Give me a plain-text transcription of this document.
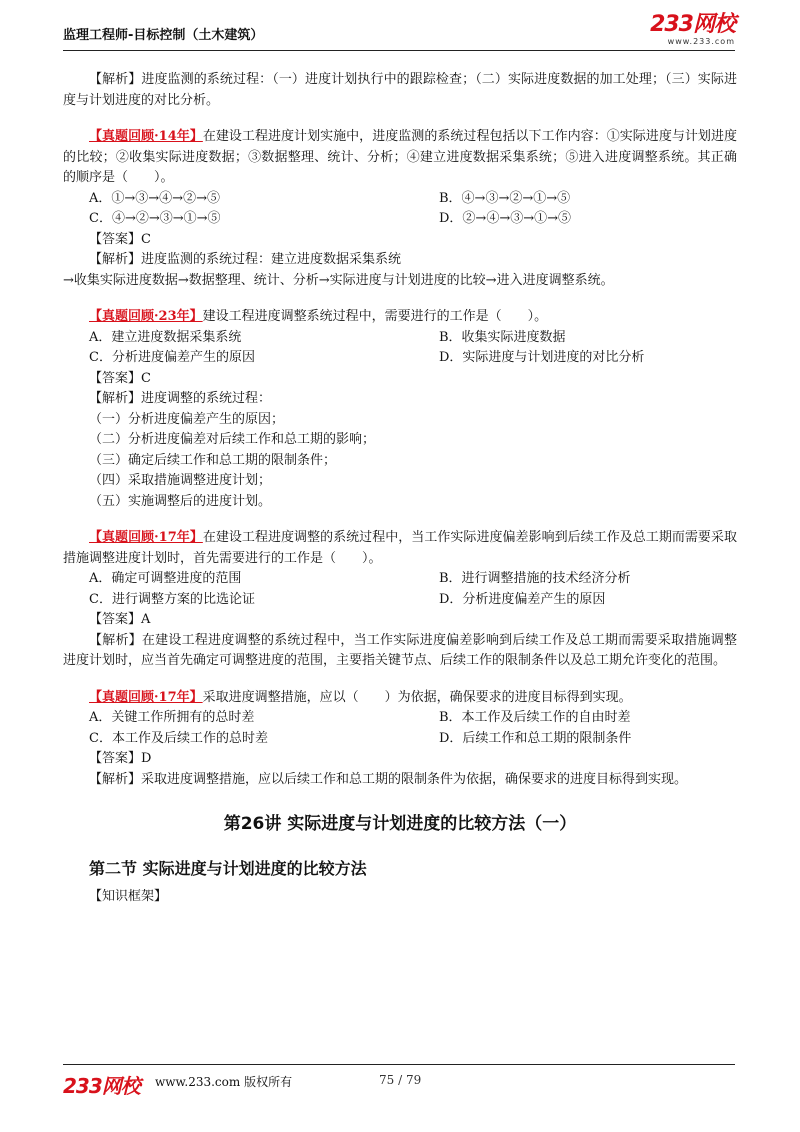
监理工程师-目标控制（土木建筑）	233网校
www.233.com

【解析】进度监测的系统过程：（一）进度计划执行中的跟踪检查；（二）实际进度数据的加工处理；（三）实际进度与计划进度的对比分析。

【真题回顾·14年】在建设工程进度计划实施中，进度监测的系统过程包括以下工作内容：①实际进度与计划进度的比较；②收集实际进度数据；③数据整理、统计、分析；④建立进度数据采集系统；⑤进入进度调整系统。其正确的顺序是（　　）。

A．①→③→④→②→⑤	B．④→③→②→①→⑤
C．④→②→③→①→⑤	D．②→④→③→①→⑤

【答案】C

【解析】进度监测的系统过程：建立进度数据采集系统

→收集实际进度数据→数据整理、统计、分析→实际进度与计划进度的比较→进入进度调整系统。

【真题回顾·23年】建设工程进度调整系统过程中，需要进行的工作是（　　）。

A．建立进度数据采集系统	B．收集实际进度数据
C．分析进度偏差产生的原因	D．实际进度与计划进度的对比分析

【答案】C

【解析】进度调整的系统过程：

（一）分析进度偏差产生的原因；

（二）分析进度偏差对后续工作和总工期的影响；

（三）确定后续工作和总工期的限制条件；

（四）采取措施调整进度计划；

（五）实施调整后的进度计划。

【真题回顾·17年】在建设工程进度调整的系统过程中，当工作实际进度偏差影响到后续工作及总工期而需要采取措施调整进度计划时，首先需要进行的工作是（　　）。

A．确定可调整进度的范围	B．进行调整措施的技术经济分析
C．进行调整方案的比选论证	D．分析进度偏差产生的原因

【答案】A

【解析】在建设工程进度调整的系统过程中，当工作实际进度偏差影响到后续工作及总工期而需要采取措施调整进度计划时，应当首先确定可调整进度的范围，主要指关键节点、后续工作的限制条件以及总工期允许变化的范围。

【真题回顾·17年】采取进度调整措施，应以（　　）为依据，确保要求的进度目标得到实现。

A．关键工作所拥有的总时差	B．本工作及后续工作的自由时差
C．本工作及后续工作的总时差	D．后续工作和总工期的限制条件

【答案】D

【解析】采取进度调整措施，应以后续工作和总工期的限制条件为依据，确保要求的进度目标得到实现。

第26讲 实际进度与计划进度的比较方法（一）
第二节 实际进度与计划进度的比较方法
【知识框架】
233网校 www.233.com 版权所有	75 / 79
